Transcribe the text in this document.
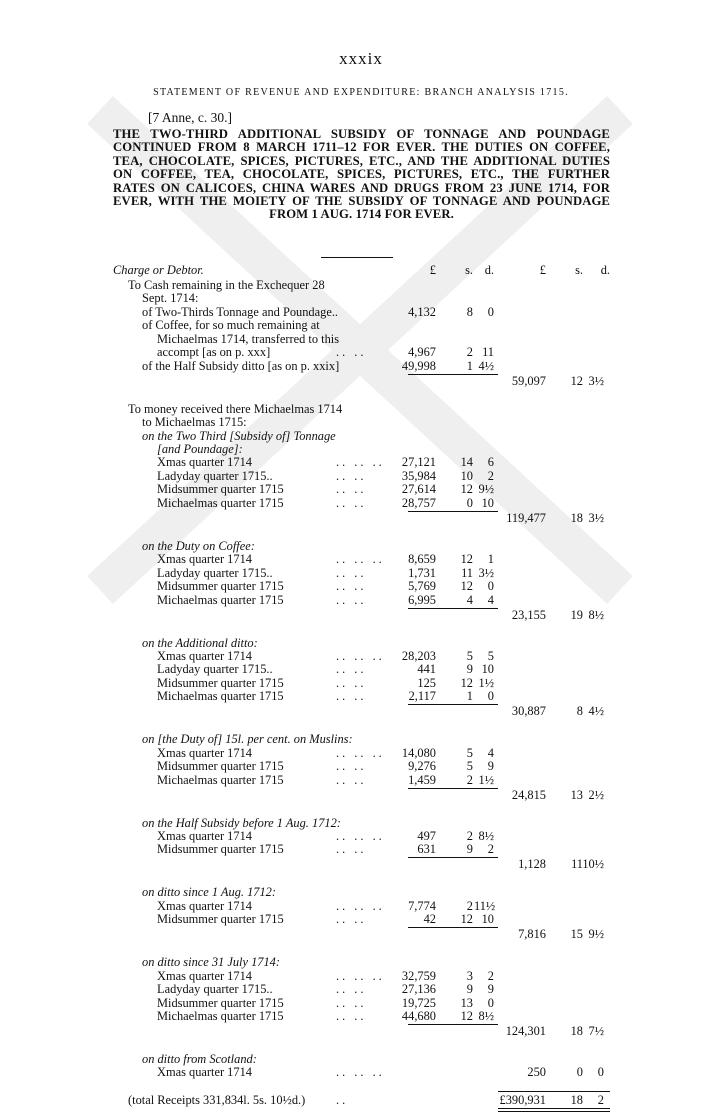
xxxix
STATEMENT OF REVENUE AND EXPENDITURE: BRANCH ANALYSIS 1715.
[7 Anne, c. 30.]
THE TWO-THIRD ADDITIONAL SUBSIDY OF TONNAGE AND POUNDAGE CONTINUED FROM 8 MARCH 1711–12 FOR EVER. THE DUTIES ON COFFEE, TEA, CHOCOLATE, SPICES, PICTURES, ETC., AND THE ADDITIONAL DUTIES ON COFFEE, TEA, CHOCOLATE, SPICES, PICTURES, ETC., THE FURTHER RATES ON CALICOES, CHINA WARES AND DRUGS FROM 23 JUNE 1714, FOR EVER, WITH THE MOIETY OF THE SUBSIDY OF TONNAGE AND POUNDAGE FROM 1 AUG. 1714 FOR EVER.
Charge or Debtor.	£	s. d.	£	s.	d.
To Cash remaining in the Exchequer 28
Sept. 1714:
of Two-Thirds Tonnage and Poundage..	4,132	8	0
of Coffee, for so much remaining at
Michaelmas 1714, transferred to this
accompt [as on p. xxx]	.. ..	4,967	2 11
of the Half Subsidy ditto [as on p. xxix]	49,998	1 4½
59,097	12 3½
To money received there Michaelmas 1714
to Michaelmas 1715:
on the Two Third [Subsidy of] Tonnage
[and Poundage]:
Xmas quarter 1714	.. .. ..	27,121	14	6
Ladyday quarter 1715..	.. ..	35,984	10	2
Midsummer quarter 1715	.. ..	27,614	12 9½
Michaelmas quarter 1715	.. ..	28,757	0 10
119,477	18 3½
on the Duty on Coffee:
Xmas quarter 1714	.. .. ..	8,659	12	1
Ladyday quarter 1715..	.. ..	1,731	11 3½
Midsummer quarter 1715	.. ..	5,769	12	0
Michaelmas quarter 1715	.. ..	6,995	4	4
23,155	19 8½
on the Additional ditto:
Xmas quarter 1714	.. .. ..	28,203	5	5
Ladyday quarter 1715..	.. ..	441	9 10
Midsummer quarter 1715	.. ..	125	12 1½
Michaelmas quarter 1715	.. ..	2,117	1	0
30,887	8 4½
on [the Duty of] 15l. per cent. on Muslins:
Xmas quarter 1714	.. .. ..	14,080	5	4
Midsummer quarter 1715	.. ..	9,276	5	9
Michaelmas quarter 1715	.. ..	1,459	2 1½
24,815	13 2½
on the Half Subsidy before 1 Aug. 1712:
Xmas quarter 1714	.. .. ..	497	2 8½
Midsummer quarter 1715	.. ..	631	9	2
1,128	11 10½
on ditto since 1 Aug. 1712:
Xmas quarter 1714	.. .. ..	7,774	2 11½
Midsummer quarter 1715	.. ..	42	12 10
7,816	15 9½
on ditto since 31 July 1714:
Xmas quarter 1714	.. .. ..	32,759	3	2
Ladyday quarter 1715..	.. ..	27,136	9	9
Midsummer quarter 1715	.. ..	19,725	13	0
Michaelmas quarter 1715	.. ..	44,680	12 8½
124,301	18 7½
on ditto from Scotland:
Xmas quarter 1714	.. .. ..	250	0	0
(total Receipts 331,834l. 5s. 10½d.) ..	£390,931	18	2
